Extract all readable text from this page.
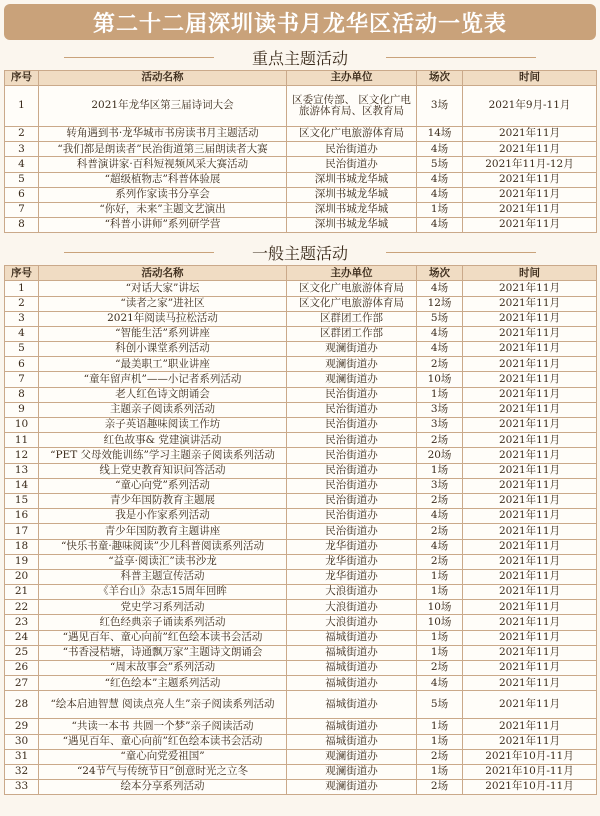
第二十二届深圳读书月龙华区活动一览表
重点主题活动
序号	活动名称	主办单位	场次	时间
1	2021年龙华区第三届诗词大会	区委宣传部、 区文化广电旅游体育局、区教育局	3场	2021年9月-11月
2	转角遇到书·龙华城市书房读书月主题活动	区文化广电旅游体育局	14场	2021年11月
3	“我们都是朗读者”民治街道第三届朗读者大赛	民治街道办	4场	2021年11月
4	科普演讲家·百科短视频风采大赛活动	民治街道办	5场	2021年11月-12月
5	“超级植物志”科普体验展	深圳书城龙华城	4场	2021年11月
6	系列作家读书分享会	深圳书城龙华城	4场	2021年11月
7	“你好，未来”主题文艺演出	深圳书城龙华城	1场	2021年11月
8	“科普小讲师”系列研学营	深圳书城龙华城	4场	2021年11月
一般主题活动
序号	活动名称	主办单位	场次	时间
1	“对话大家”讲坛	区文化广电旅游体育局	4场	2021年11月
2	“读者之家”进社区	区文化广电旅游体育局	12场	2021年11月
3	2021年阅读马拉松活动	区群团工作部	5场	2021年11月
4	“智能生活”系列讲座	区群团工作部	4场	2021年11月
5	科创小课堂系列活动	观澜街道办	4场	2021年11月
6	“最美职工”职业讲座	观澜街道办	2场	2021年11月
7	“童年留声机”——小记者系列活动	观澜街道办	10场	2021年11月
8	老人红色诗文朗诵会	民治街道办	1场	2021年11月
9	主题亲子阅读系列活动	民治街道办	3场	2021年11月
10	亲子英语趣味阅读工作坊	民治街道办	3场	2021年11月
11	红色故事& 党建演讲活动	民治街道办	2场	2021年11月
12	“PET 父母效能训练”学习主题亲子阅读系列活动	民治街道办	20场	2021年11月
13	线上党史教育知识问答活动	民治街道办	1场	2021年11月
14	“童心向党”系列活动	民治街道办	3场	2021年11月
15	青少年国防教育主题展	民治街道办	2场	2021年11月
16	我是小作家系列活动	民治街道办	4场	2021年11月
17	青少年国防教育主题讲座	民治街道办	2场	2021年11月
18	“快乐书童·趣味阅读”少儿科普阅读系列活动	龙华街道办	4场	2021年11月
19	“益享·阅读汇”读书沙龙	龙华街道办	2场	2021年11月
20	科普主题宣传活动	龙华街道办	1场	2021年11月
21	《羊台山》杂志15周年回眸	大浪街道办	1场	2021年11月
22	党史学习系列活动	大浪街道办	10场	2021年11月
23	红色经典亲子诵读系列活动	大浪街道办	10场	2021年11月
24	“遇见百年、童心向前”红色绘本读书会活动	福城街道办	1场	2021年11月
25	“书香浸桔塘，诗通飘万家”主题诗文朗诵会	福城街道办	1场	2021年11月
26	“周末故事会”系列活动	福城街道办	2场	2021年11月
27	“红色绘本”主题系列活动	福城街道办	4场	2021年11月
28	“绘本启迪智慧 阅读点亮人生”亲子阅读系列活动	福城街道办	5场	2021年11月
29	“共读一本书 共圆一个梦”亲子阅读活动	福城街道办	1场	2021年11月
30	“遇见百年、童心向前”红色绘本读书会活动	福城街道办	1场	2021年11月
31	“童心向党爱祖国”	观澜街道办	2场	2021年10月-11月
32	“24节气与传统节日”创意时光之立冬	观澜街道办	1场	2021年10月-11月
33	绘本分享系列活动	观澜街道办	2场	2021年10月-11月
